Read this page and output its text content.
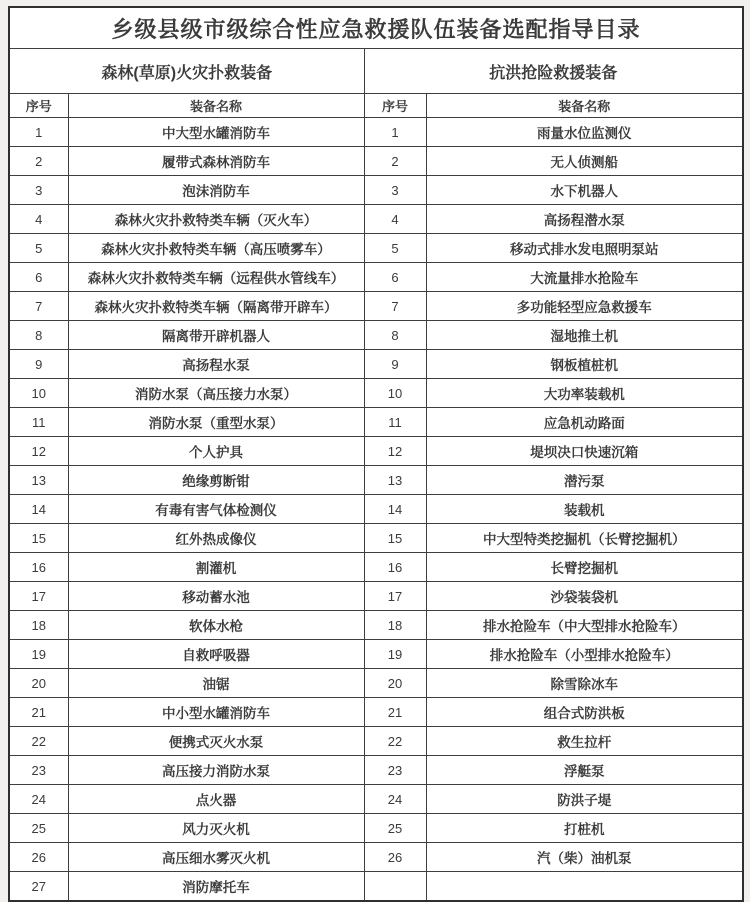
乡级县级市级综合性应急救援队伍装备选配指导目录			
森林(草原)火灾扑救装备		抗洪抢险救援装备	
序号	装备名称	序号	装备名称
1	中大型水罐消防车	1	雨量水位监测仪
2	履带式森林消防车	2	无人侦测船
3	泡沫消防车	3	水下机器人
4	森林火灾扑救特类车辆（灭火车）	4	高扬程潜水泵
5	森林火灾扑救特类车辆（高压喷雾车）	5	移动式排水发电照明泵站
6	森林火灾扑救特类车辆（远程供水管线车）	6	大流量排水抢险车
7	森林火灾扑救特类车辆（隔离带开辟车）	7	多功能轻型应急救援车
8	隔离带开辟机器人	8	湿地推土机
9	高扬程水泵	9	钢板植桩机
10	消防水泵（高压接力水泵）	10	大功率装载机
11	消防水泵（重型水泵）	11	应急机动路面
12	个人护具	12	堤坝决口快速沉箱
13	绝缘剪断钳	13	潜污泵
14	有毒有害气体检测仪	14	装载机
15	红外热成像仪	15	中大型特类挖掘机（长臂挖掘机）
16	割灌机	16	长臂挖掘机
17	移动蓄水池	17	沙袋装袋机
18	软体水枪	18	排水抢险车（中大型排水抢险车）
19	自救呼吸器	19	排水抢险车（小型排水抢险车）
20	油锯	20	除雪除冰车
21	中小型水罐消防车	21	组合式防洪板
22	便携式灭火水泵	22	救生拉杆
23	高压接力消防水泵	23	浮艇泵
24	点火器	24	防洪子堤
25	风力灭火机	25	打桩机
26	高压细水雾灭火机	26	汽（柴）油机泵
27	消防摩托车		
